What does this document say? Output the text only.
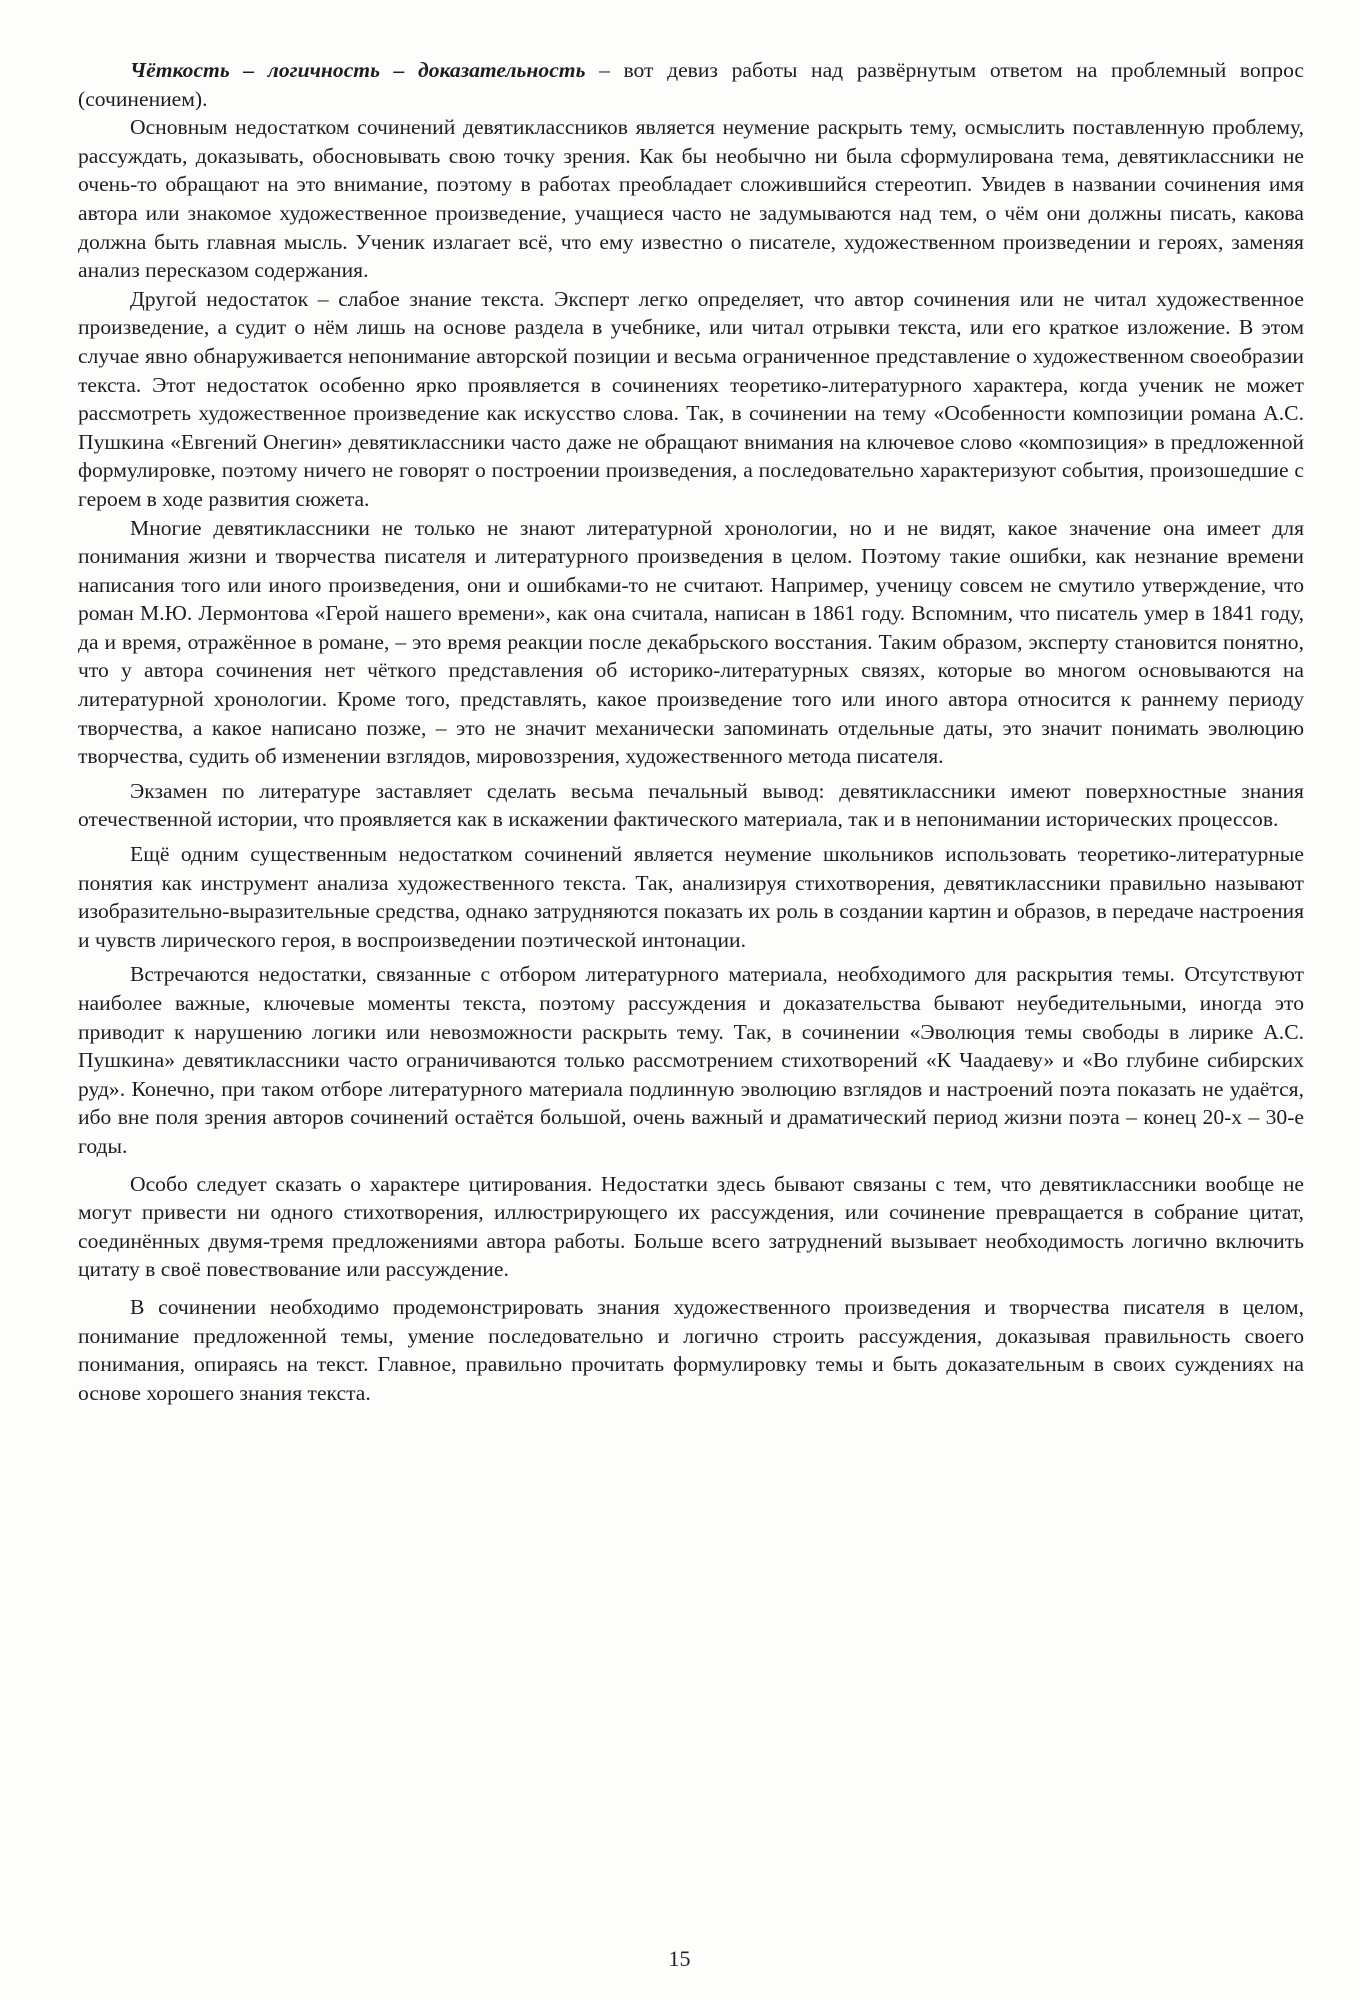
Чёткость – логичность – доказательность – вот девиз работы над развёрнутым ответом на проблемный вопрос (сочинением).

Основным недостатком сочинений девятиклассников является неумение раскрыть тему, осмыслить поставленную проблему, рассуждать, доказывать, обосновывать свою точку зрения. Как бы необычно ни была сформулирована тема, девятиклассники не очень-то обращают на это внимание, поэтому в работах преобладает сложившийся стереотип. Увидев в названии сочинения имя автора или знакомое художественное произведение, учащиеся часто не задумываются над тем, о чём они должны писать, какова должна быть главная мысль. Ученик излагает всё, что ему известно о писателе, художественном произведении и героях, заменяя анализ пересказом содержания.

Другой недостаток – слабое знание текста. Эксперт легко определяет, что автор сочинения или не читал художественное произведение, а судит о нём лишь на основе раздела в учебнике, или читал отрывки текста, или его краткое изложение. В этом случае явно обнаруживается непонимание авторской позиции и весьма ограниченное представление о художественном своеобразии текста. Этот недостаток особенно ярко проявляется в сочинениях теоретико-литературного характера, когда ученик не может рассмотреть художественное произведение как искусство слова. Так, в сочинении на тему «Особенности композиции романа А.С. Пушкина «Евгений Онегин» девятиклассники часто даже не обращают внимания на ключевое слово «композиция» в предложенной формулировке, поэтому ничего не говорят о построении произведения, а последовательно характеризуют события, произошедшие с героем в ходе развития сюжета.

Многие девятиклассники не только не знают литературной хронологии, но и не видят, какое значение она имеет для понимания жизни и творчества писателя и литературного произведения в целом. Поэтому такие ошибки, как незнание времени написания того или иного произведения, они и ошибками-то не считают. Например, ученицу совсем не смутило утверждение, что роман М.Ю. Лермонтова «Герой нашего времени», как она считала, написан в 1861 году. Вспомним, что писатель умер в 1841 году, да и время, отражённое в романе, – это время реакции после декабрьского восстания. Таким образом, эксперту становится понятно, что у автора сочинения нет чёткого представления об историко-литературных связях, которые во многом основываются на литературной хронологии. Кроме того, представлять, какое произведение того или иного автора относится к раннему периоду творчества, а какое написано позже, – это не значит механически запоминать отдельные даты, это значит понимать эволюцию творчества, судить об изменении взглядов, мировоззрения, художественного метода писателя.

Экзамен по литературе заставляет сделать весьма печальный вывод: девятиклассники имеют поверхностные знания отечественной истории, что проявляется как в искажении фактического материала, так и в непонимании исторических процессов.

Ещё одним существенным недостатком сочинений является неумение школьников использовать теоретико-литературные понятия как инструмент анализа художественного текста. Так, анализируя стихотворения, девятиклассники правильно называют изобразительно-выразительные средства, однако затрудняются показать их роль в создании картин и образов, в передаче настроения и чувств лирического героя, в воспроизведении поэтической интонации.

Встречаются недостатки, связанные с отбором литературного материала, необходимого для раскрытия темы. Отсутствуют наиболее важные, ключевые моменты текста, поэтому рассуждения и доказательства бывают неубедительными, иногда это приводит к нарушению логики или невозможности раскрыть тему. Так, в сочинении «Эволюция темы свободы в лирике А.С. Пушкина» девятиклассники часто ограничиваются только рассмотрением стихотворений «К Чаадаеву» и «Во глубине сибирских руд». Конечно, при таком отборе литературного материала подлинную эволюцию взглядов и настроений поэта показать не удаётся, ибо вне поля зрения авторов сочинений остаётся большой, очень важный и драматический период жизни поэта – конец 20-х – 30-е годы.

Особо следует сказать о характере цитирования. Недостатки здесь бывают связаны с тем, что девятиклассники вообще не могут привести ни одного стихотворения, иллюстрирующего их рассуждения, или сочинение превращается в собрание цитат, соединённых двумя-тремя предложениями автора работы. Больше всего затруднений вызывает необходимость логично включить цитату в своё повествование или рассуждение.

В сочинении необходимо продемонстрировать знания художественного произведения и творчества писателя в целом, понимание предложенной темы, умение последовательно и логично строить рассуждения, доказывая правильность своего понимания, опираясь на текст. Главное, правильно прочитать формулировку темы и быть доказательным в своих суждениях на основе хорошего знания текста.

15
